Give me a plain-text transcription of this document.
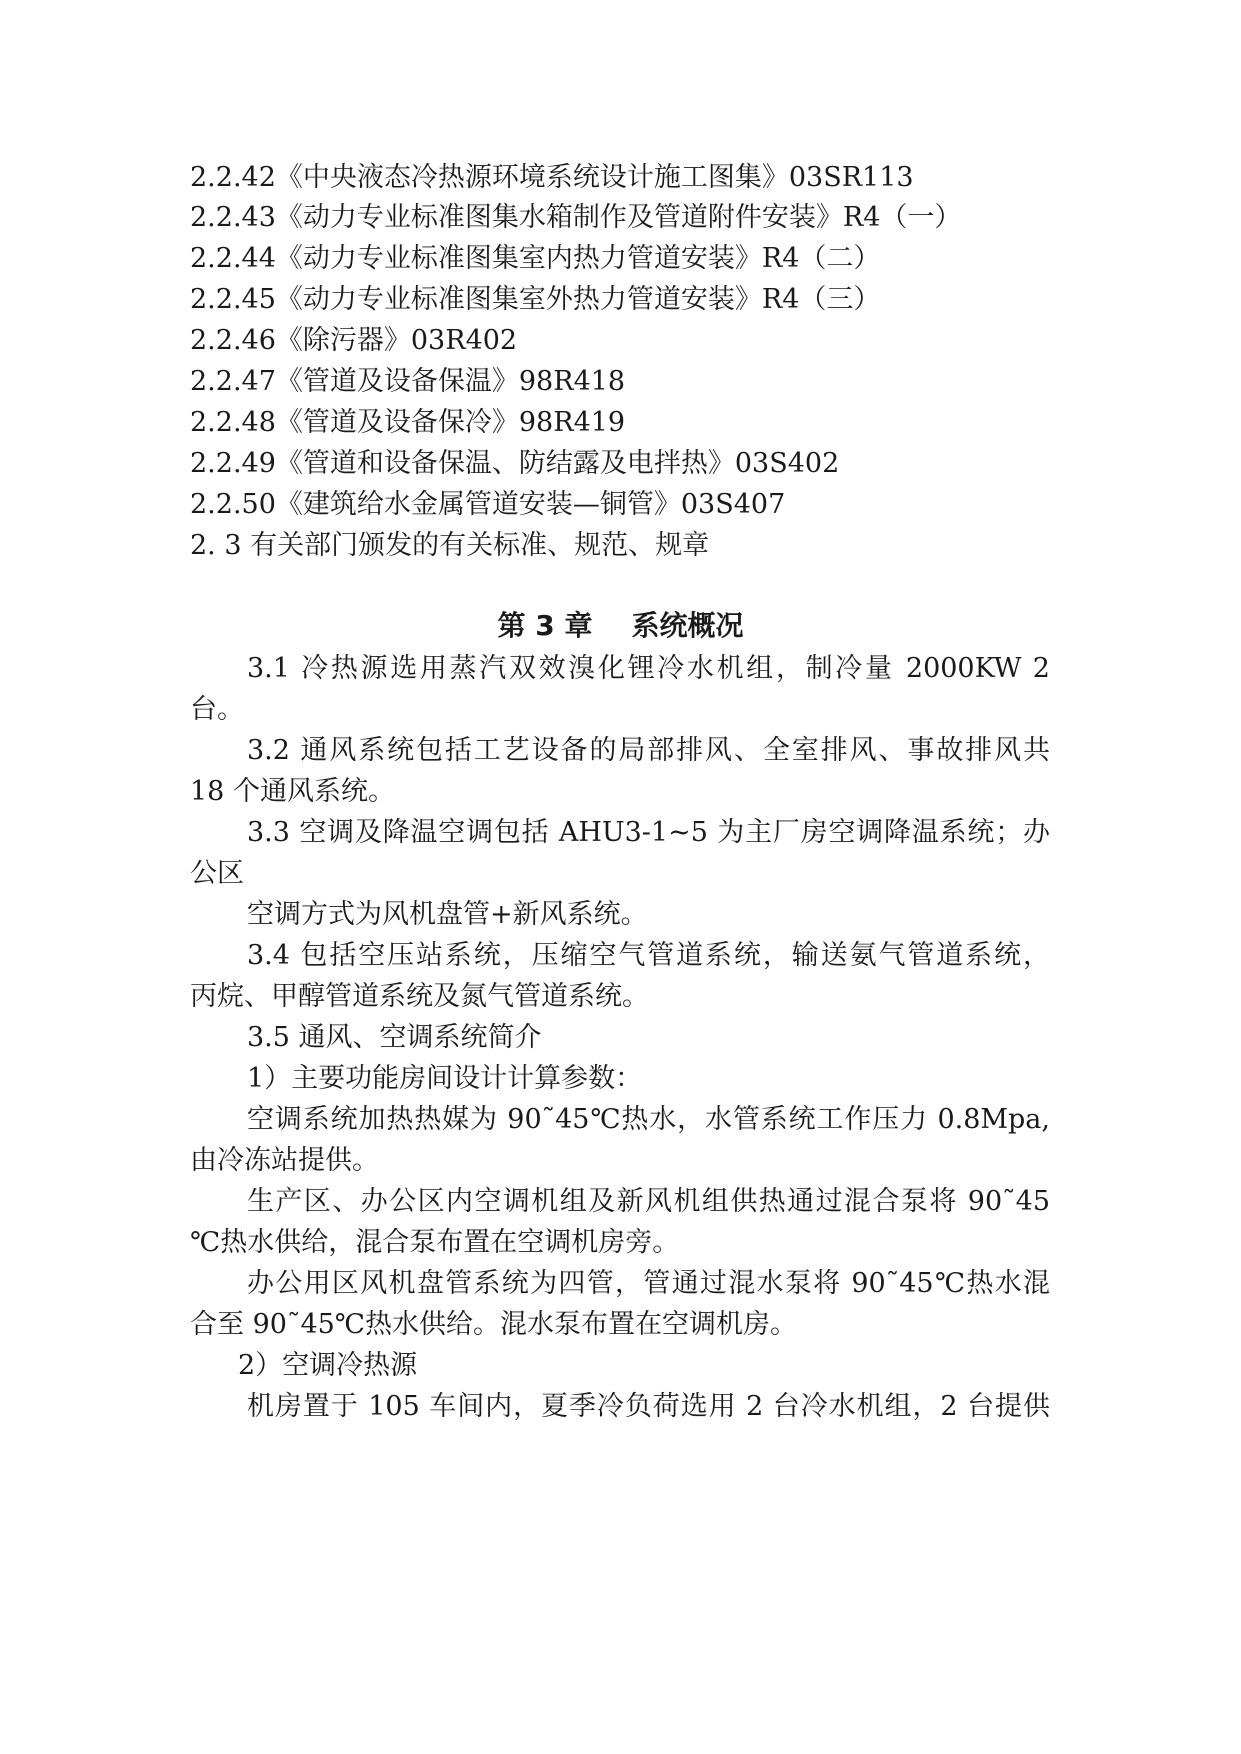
2.2.42《中央液态冷热源环境系统设计施工图集》03SR113
2.2.43《动力专业标准图集水箱制作及管道附件安装》R4（一）
2.2.44《动力专业标准图集室内热力管道安装》R4（二）
2.2.45《动力专业标准图集室外热力管道安装》R4（三）
2.2.46《除污器》03R402
2.2.47《管道及设备保温》98R418
2.2.48《管道及设备保冷》98R419
2.2.49《管道和设备保温、防结露及电拌热》03S402
2.2.50《建筑给水金属管道安装—铜管》03S407
2. 3 有关部门颁发的有关标准、规范、规章
第 3 章    系统概况
3.1 冷热源选用蒸汽双效溴化锂冷水机组，制冷量 2000KW 2
台。
3.2 通风系统包括工艺设备的局部排风、全室排风、事故排风共
18 个通风系统。
3.3 空调及降温空调包括 AHU3-1~5 为主厂房空调降温系统；办
公区
空调方式为风机盘管+新风系统。
3.4 包括空压站系统，压缩空气管道系统，输送氨气管道系统，
丙烷、甲醇管道系统及氮气管道系统。
3.5 通风、空调系统简介
1）主要功能房间设计计算参数：
空调系统加热热媒为 90˜45℃热水，水管系统工作压力 0.8Mpa,
由冷冻站提供。
生产区、办公区内空调机组及新风机组供热通过混合泵将 90˜45
℃热水供给，混合泵布置在空调机房旁。
办公用区风机盘管系统为四管，管通过混水泵将 90˜45℃热水混
合至 90˜45℃热水供给。混水泵布置在空调机房。
2）空调冷热源
机房置于 105 车间内，夏季冷负荷选用 2 台冷水机组，2 台提供
